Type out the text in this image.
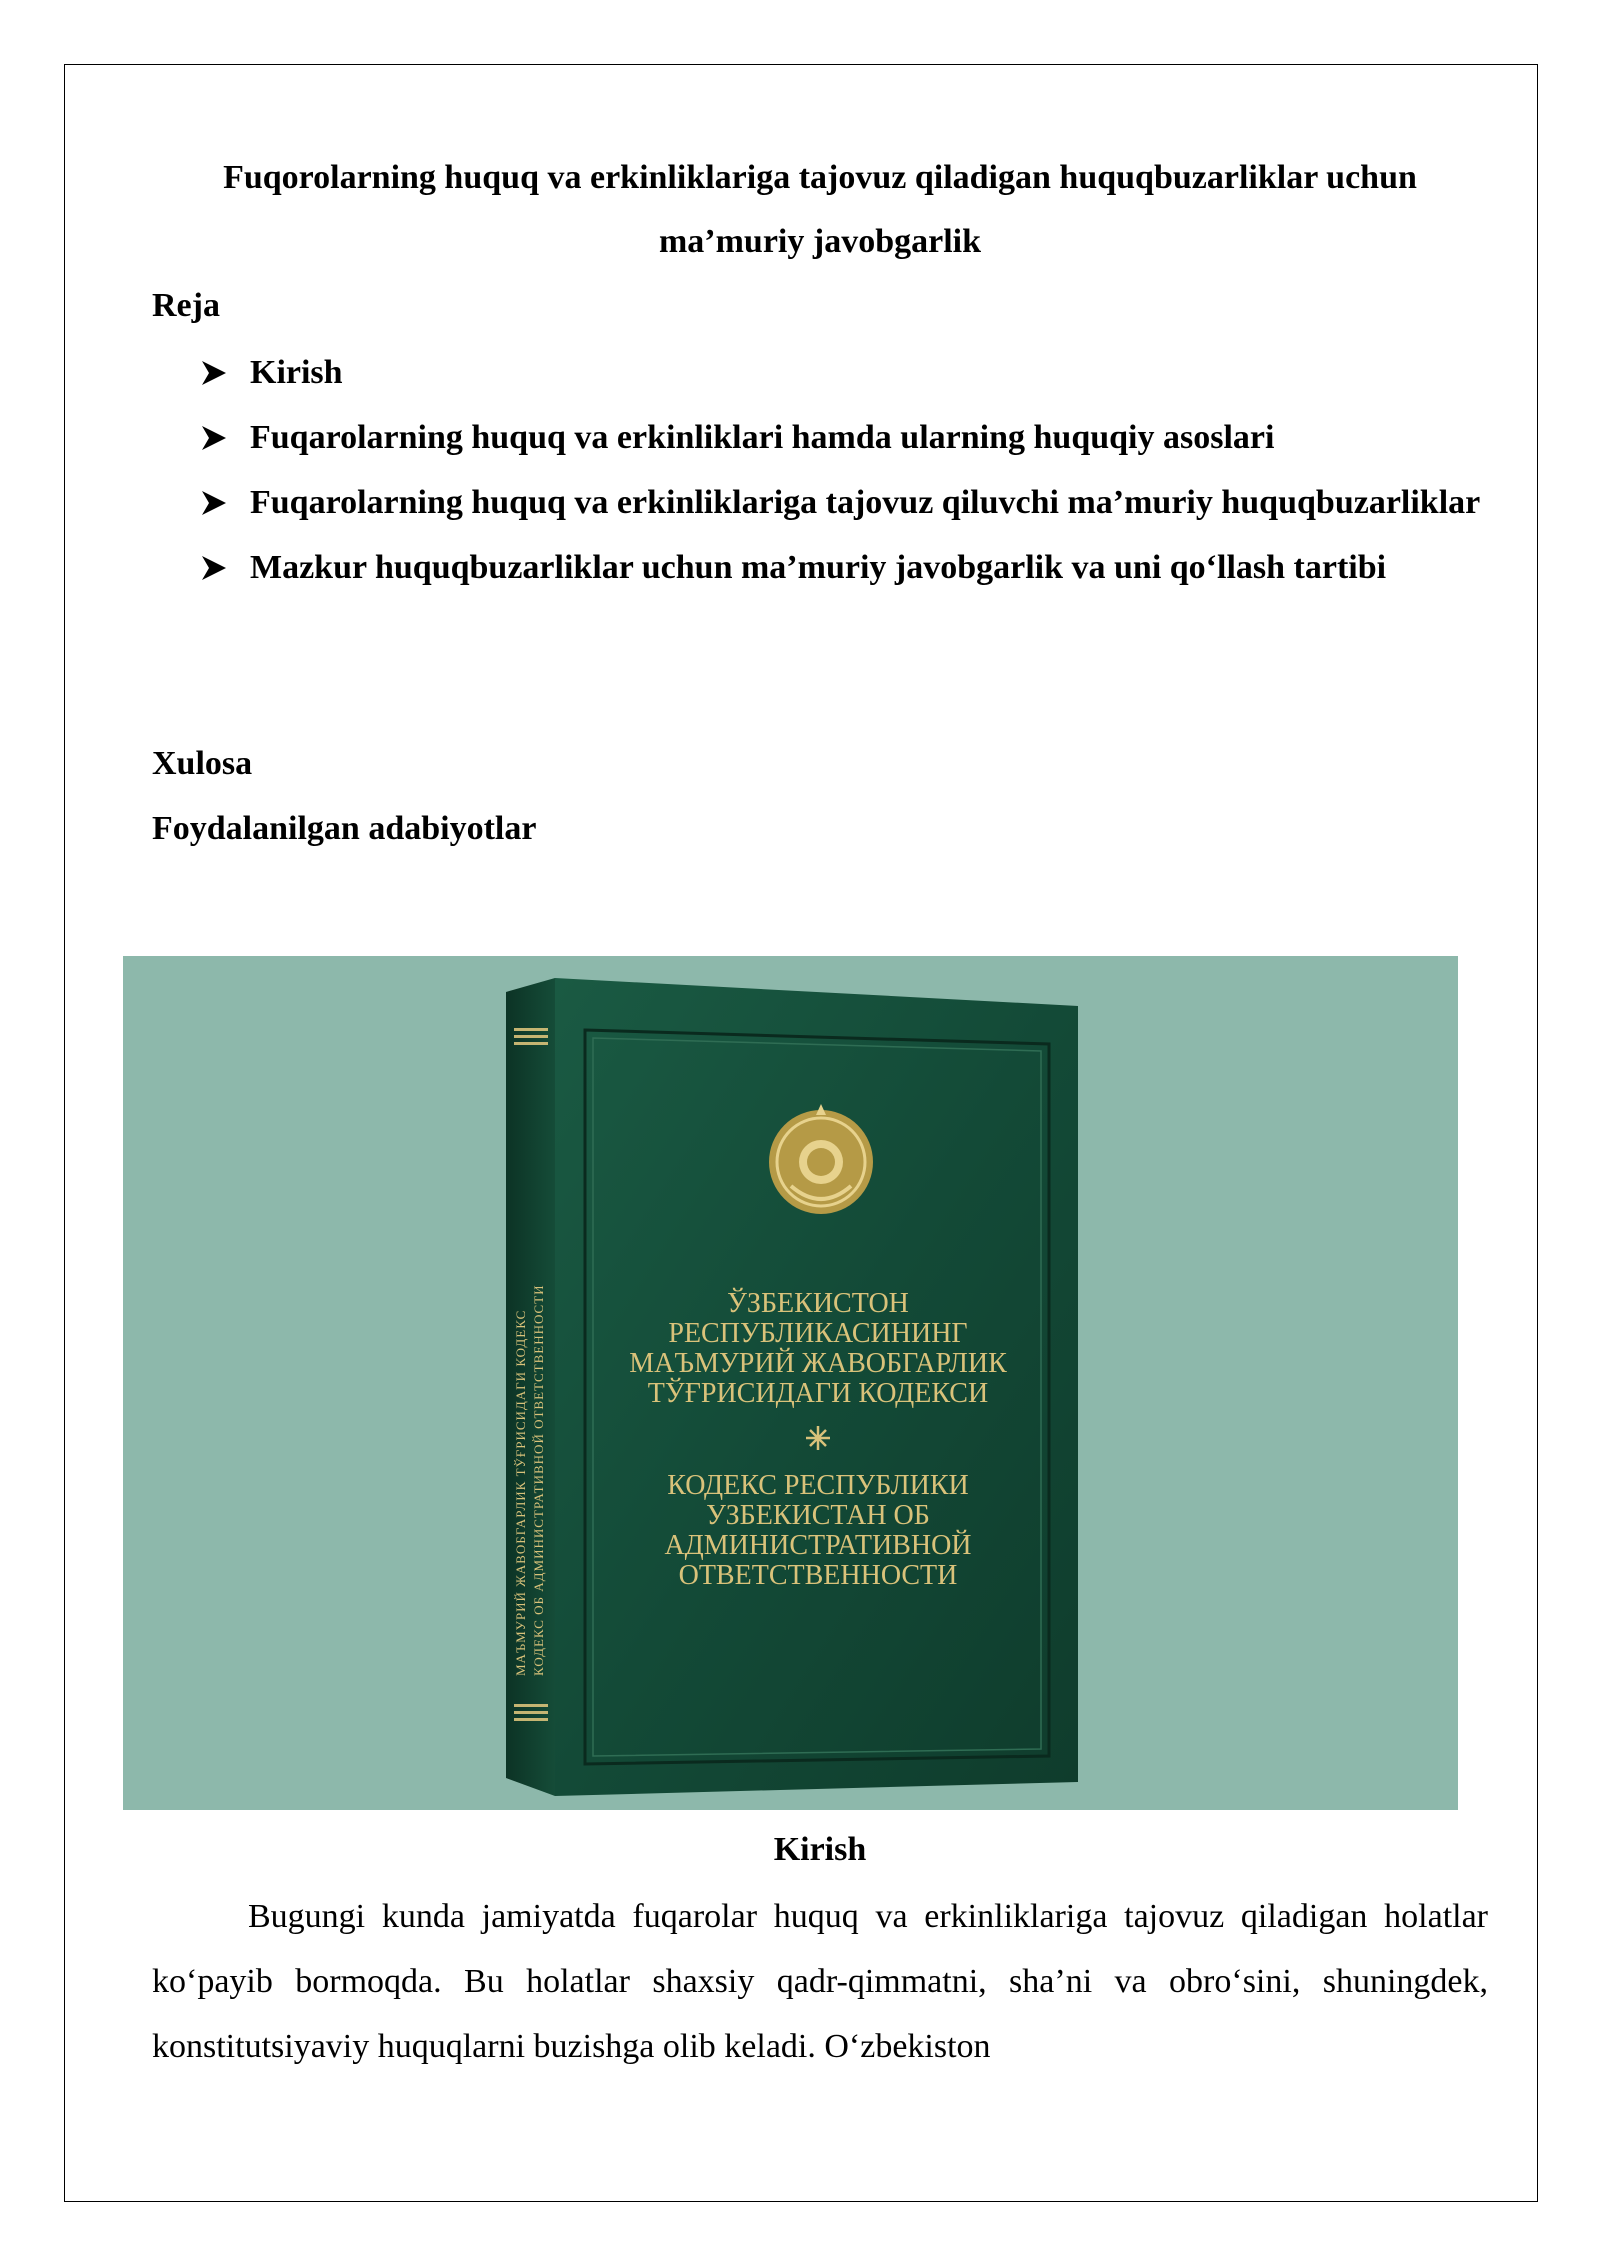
Fuqorolarning huquq va erkinliklariga tajovuz qiladigan huquqbuzarliklar uchun ma’muriy javobgarlik
Reja
Kirish
Fuqarolarning huquq va erkinliklari hamda ularning huquqiy asoslari
Fuqarolarning huquq va erkinliklariga tajovuz qiluvchi ma’muriy huquqbuzarliklar
Mazkur huquqbuzarliklar uchun ma’muriy javobgarlik va uni qo‘llash tartibi
Xulosa
Foydalanilgan adabiyotlar
МАЪМУРИЙ ЖАВОБГАРЛИК ТЎҒРИСИДАГИ КОДЕКС КОДЕКС ОБ АДМИНИСТРАТИВНОЙ ОТВЕТСТВЕННОСТИ	ЎЗБЕКИСТОН
РЕСПУБЛИКАСИНИНГ
МАЪМУРИЙ ЖАВОБГАРЛИК
ТЎҒРИСИДАГИ КОДЕКСИ
КОДЕКС РЕСПУБЛИКИ
УЗБЕКИСТАН ОБ
АДМИНИСТРАТИВНОЙ
ОТВЕТСТВЕННОСТИ
Kirish

Bugungi kunda jamiyatda fuqarolar huquq va erkinliklariga tajovuz qiladigan holatlar ko‘payib bormoqda. Bu holatlar shaxsiy qadr-qimmatni, sha’ni va obro‘sini, shuningdek, konstitutsiyaviy huquqlarni buzishga olib keladi. O‘zbekiston
